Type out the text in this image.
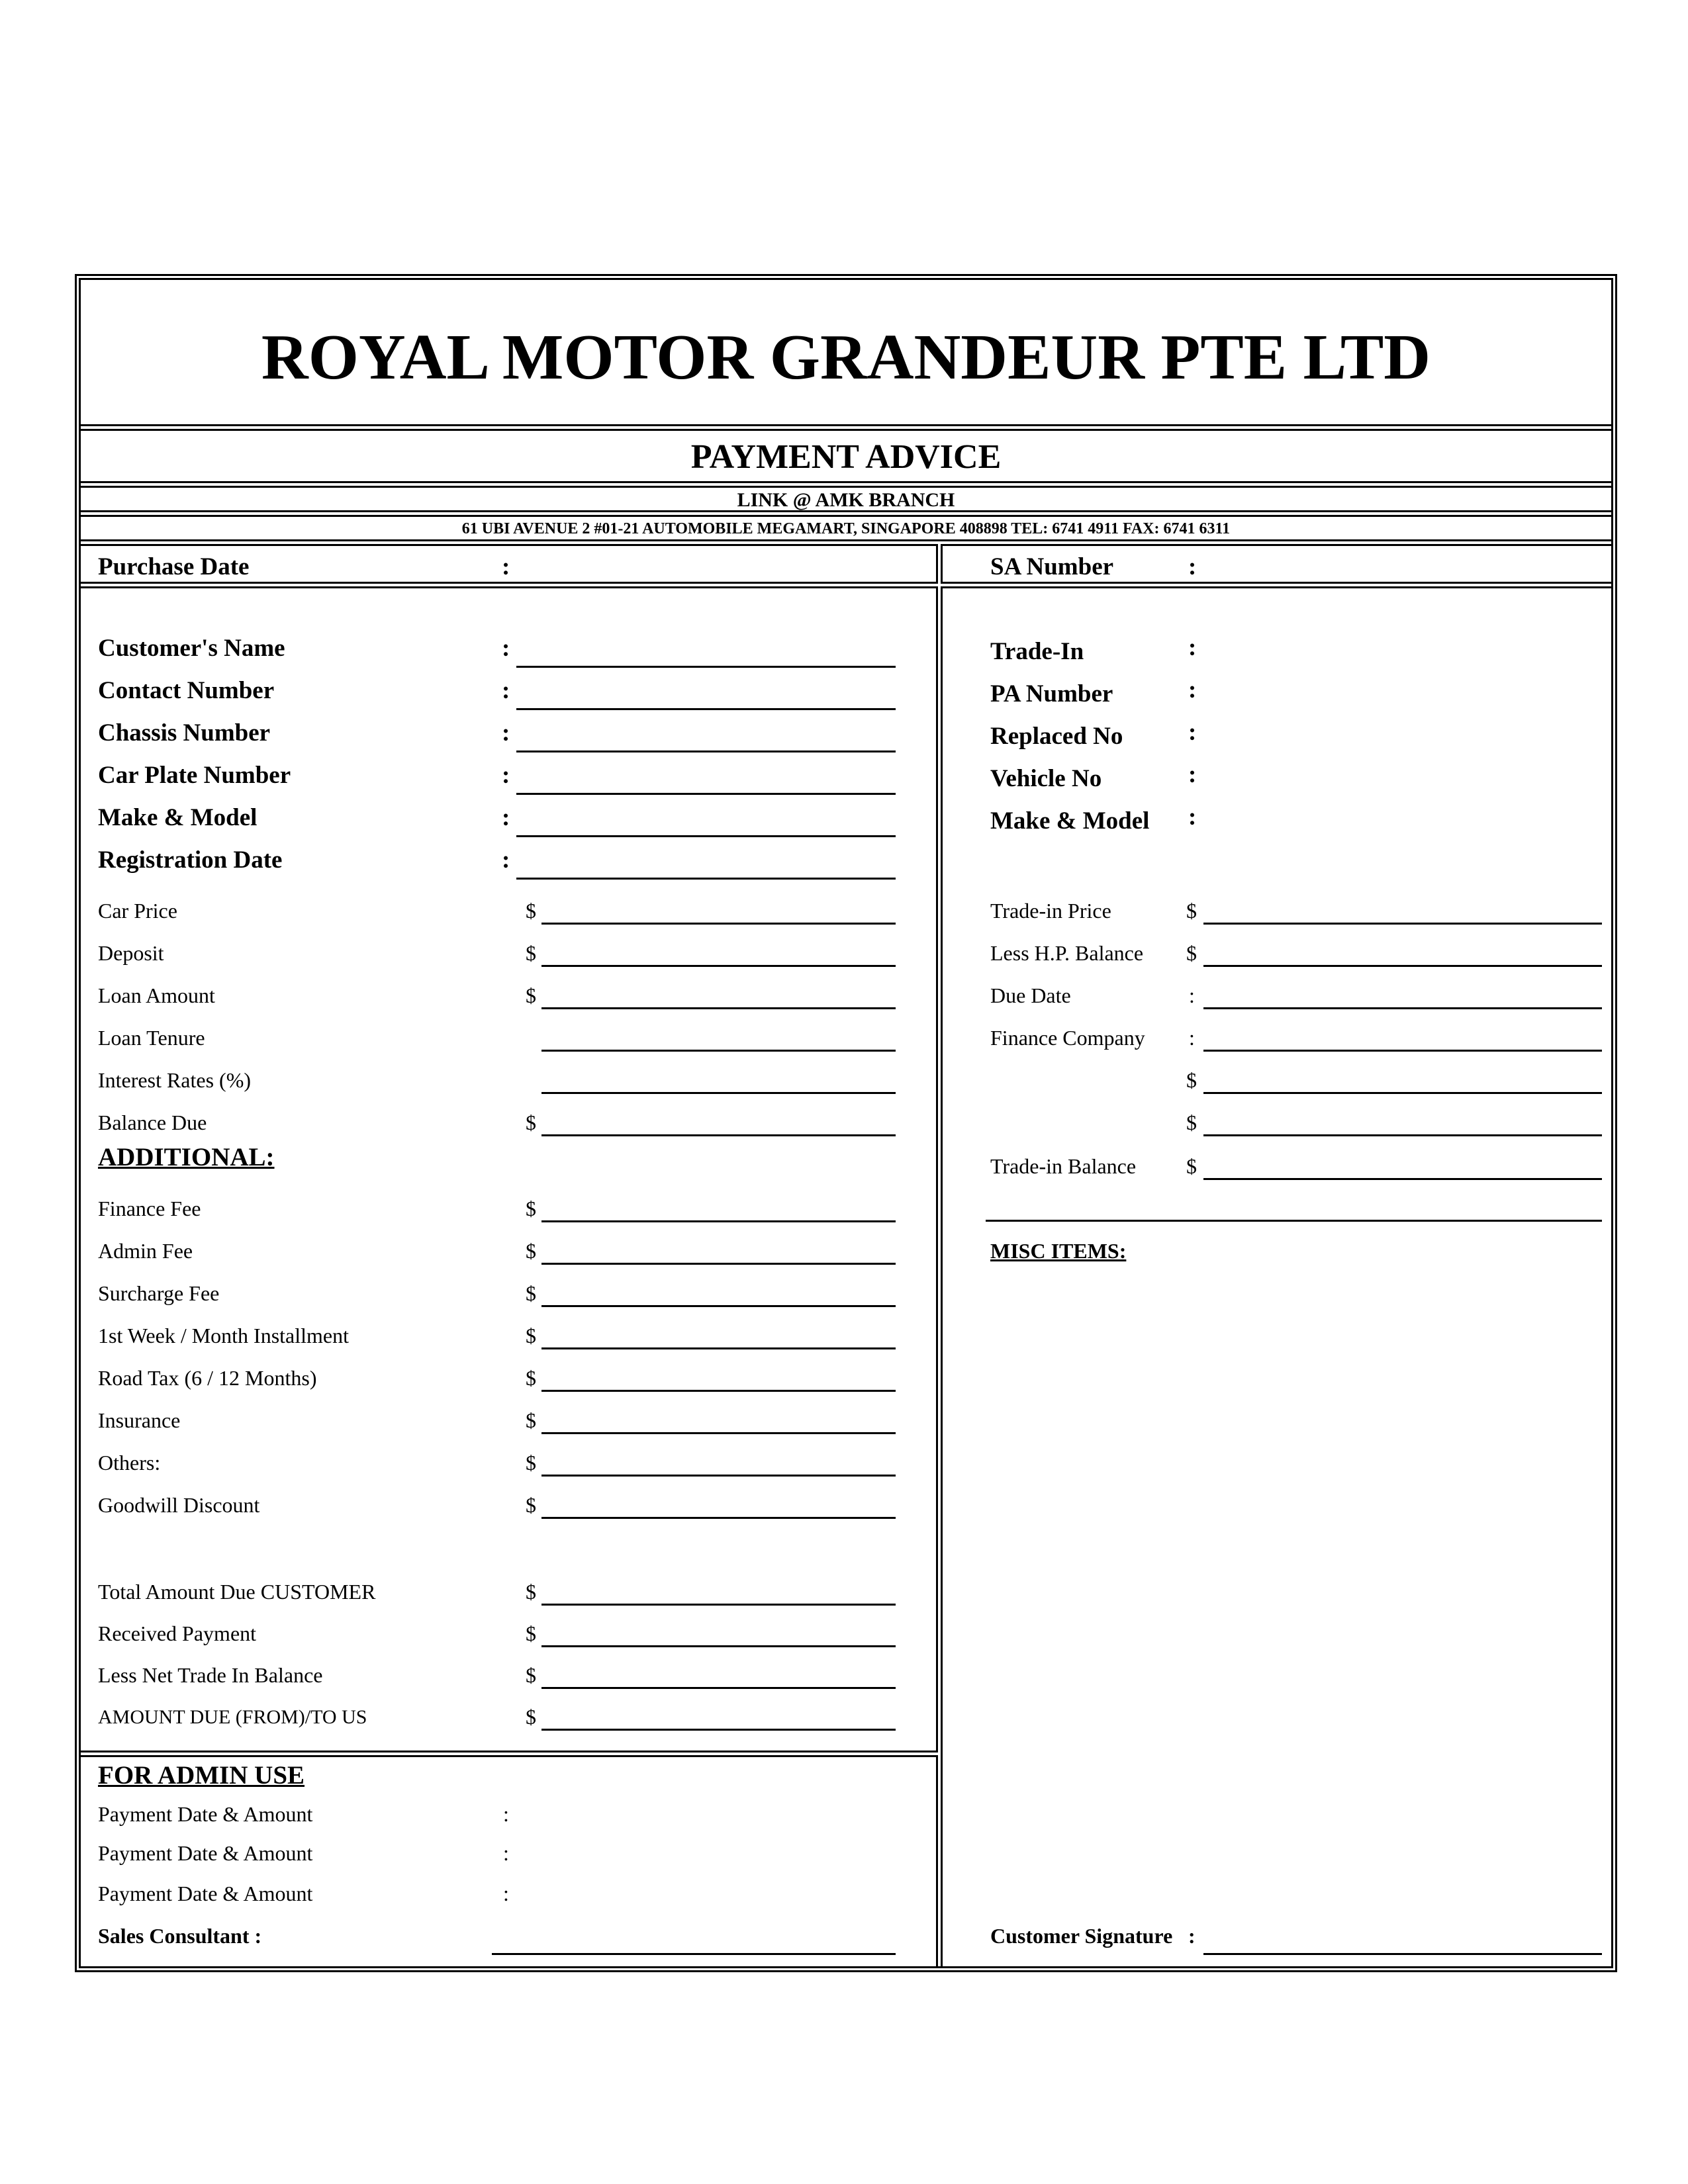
ROYAL MOTOR GRANDEUR PTE LTD
PAYMENT ADVICE
LINK @ AMK BRANCH
61 UBI AVENUE 2 #01-21 AUTOMOBILE MEGAMART, SINGAPORE 408898 TEL: 6741 4911 FAX: 6741 6311
Purchase Date	:	SA Number	:
Customer's Name	:
Contact Number	:
Chassis Number	:
Car Plate Number	:
Make & Model	:
Registration Date	:
Car Price	$
Deposit	$
Loan Amount	$
Loan Tenure
Interest Rates (%)
Balance Due	$
ADDITIONAL:
Finance Fee	$
Admin Fee	$
Surcharge Fee	$
1st Week / Month Installment	$
Road Tax (6 / 12 Months)	$
Insurance	$
Others:	$
Goodwill Discount	$
Total Amount Due CUSTOMER	$
Received Payment	$
Less Net Trade In Balance	$
AMOUNT DUE (FROM)/TO US	$
FOR ADMIN USE
Payment Date & Amount	:
Payment Date & Amount	:
Payment Date & Amount	:
Sales Consultant :
Trade-In	:
PA Number	:
Replaced No	:
Vehicle No	:
Make & Model :
Trade-in Price	$
Less H.P. Balance $
Due Date	:
Finance Company :
$
$
Trade-in Balance $
MISC ITEMS:
Customer Signature :
